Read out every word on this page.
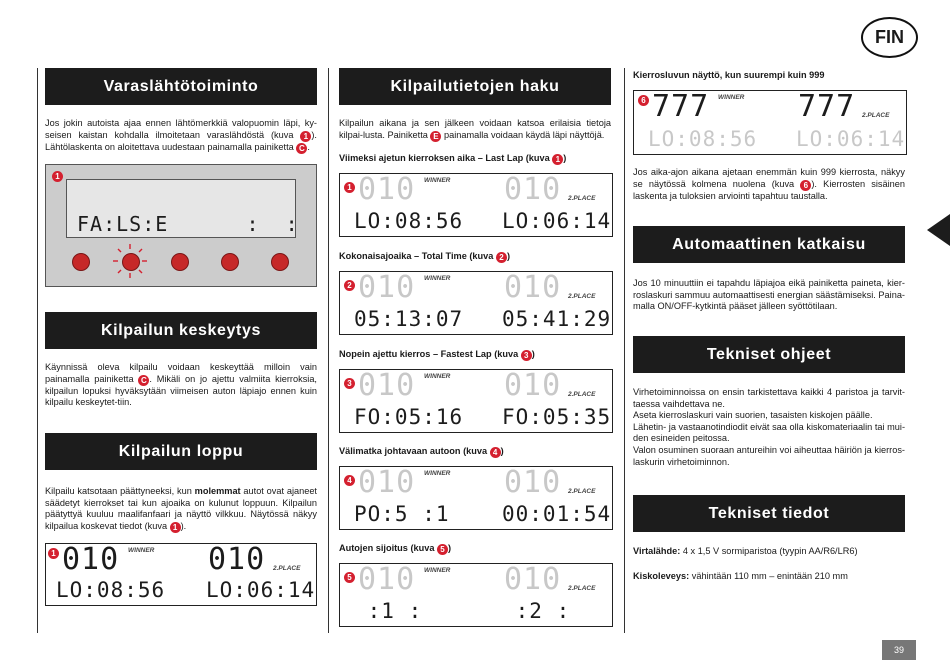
FIN
Varaslähtötoiminto
Jos jokin autoista ajaa ennen lähtömerkkiä valopuomin läpi, ky-seisen kaistan kohdalla ilmoitetaan varaslähdöstä (kuva 1 ). Lähtölaskenta on aloitettava uudestaan painamalla painiketta C .
1
FA:LS:E      :  :
Kilpailun keskeytys
Käynnissä oleva kilpailu voidaan keskeyttää milloin vain painamalla painiketta C . Mikäli on jo ajettu valmiita kierroksia, kilpailun lopuksi hyväksytään viimeisen auton läpiajo ennen kuin kilpailu keskeytet-tiin.
Kilpailun loppu
Kilpailu katsotaan päättyneeksi, kun molemmat autot ovat ajaneet säädetyt kierrokset tai kun ajoaika on kulunut loppuun. Kilpailun päätyttyä kuuluu maalifanfaari ja näyttö vilkkuu. Näytössä näkyy kilpailua koskevat tiedot (kuva 1 ).
1 010 WINNER 010 2.PLACE
LO:08:56 LO:06:14
Kilpailutietojen haku
Kilpailun aikana ja sen jälkeen voidaan katsoa erilaisia tietoja kilpai-lusta. Painiketta E painamalla voidaan käydä läpi näyttöjä.
Viimeksi ajetun kierroksen aika – Last Lap (kuva 1 )
1 010 WINNER 010 2.PLACE
LO:08:56 LO:06:14
Kokonaisajoaika – Total Time (kuva 2 )
2 010 WINNER 010 2.PLACE
05:13:07 05:41:29
Nopein ajettu kierros – Fastest Lap (kuva 3 )
3 010 WINNER 010 2.PLACE
FO:05:16 FO:05:35
Välimatka johtavaan autoon (kuva 4 )
4 010 WINNER 010 2.PLACE
PO:5 :1 00:01:54
Autojen sijoitus (kuva 5 )
5 010 WINNER 010 2.PLACE
:1 :	:2 :
Kierrosluvun näyttö, kun suurempi kuin 999
6 777 WINNER 777 2.PLACE
LO:08:56 LO:06:14
Jos aika-ajon aikana ajetaan enemmän kuin 999 kierrosta, näkyy se näytössä kolmena nuolena (kuva 6 ). Kierrosten sisäinen laskenta ja tuloksien arviointi tapahtuu taustalla.
Automaattinen katkaisu
Jos 10 minuuttiin ei tapahdu läpiajoa eikä painiketta paineta, kier-roslaskuri sammuu automaattisesti energian säästämiseksi. Paina-malla ON/OFF-kytkintä pääset jälleen syöttötilaan.
Tekniset ohjeet
Virhetoiminnoissa on ensin tarkistettava kaikki 4 paristoa ja tarvit-taessa vaihdettava ne.
Aseta kierroslaskuri vain suorien, tasaisten kiskojen päälle.
Lähetin- ja vastaanotindiodit eivät saa olla kiskomateriaalin tai mui-den esineiden peitossa.
Valon osuminen suoraan antureihin voi aiheuttaa häiriön ja kierros-laskurin virhetoiminnon.
Tekniset tiedot
Virtalähde: 4 x 1,5 V sormiparistoa (tyypin AA/R6/LR6)
Kiskoleveys: vähintään 110 mm – enintään 210 mm
39
